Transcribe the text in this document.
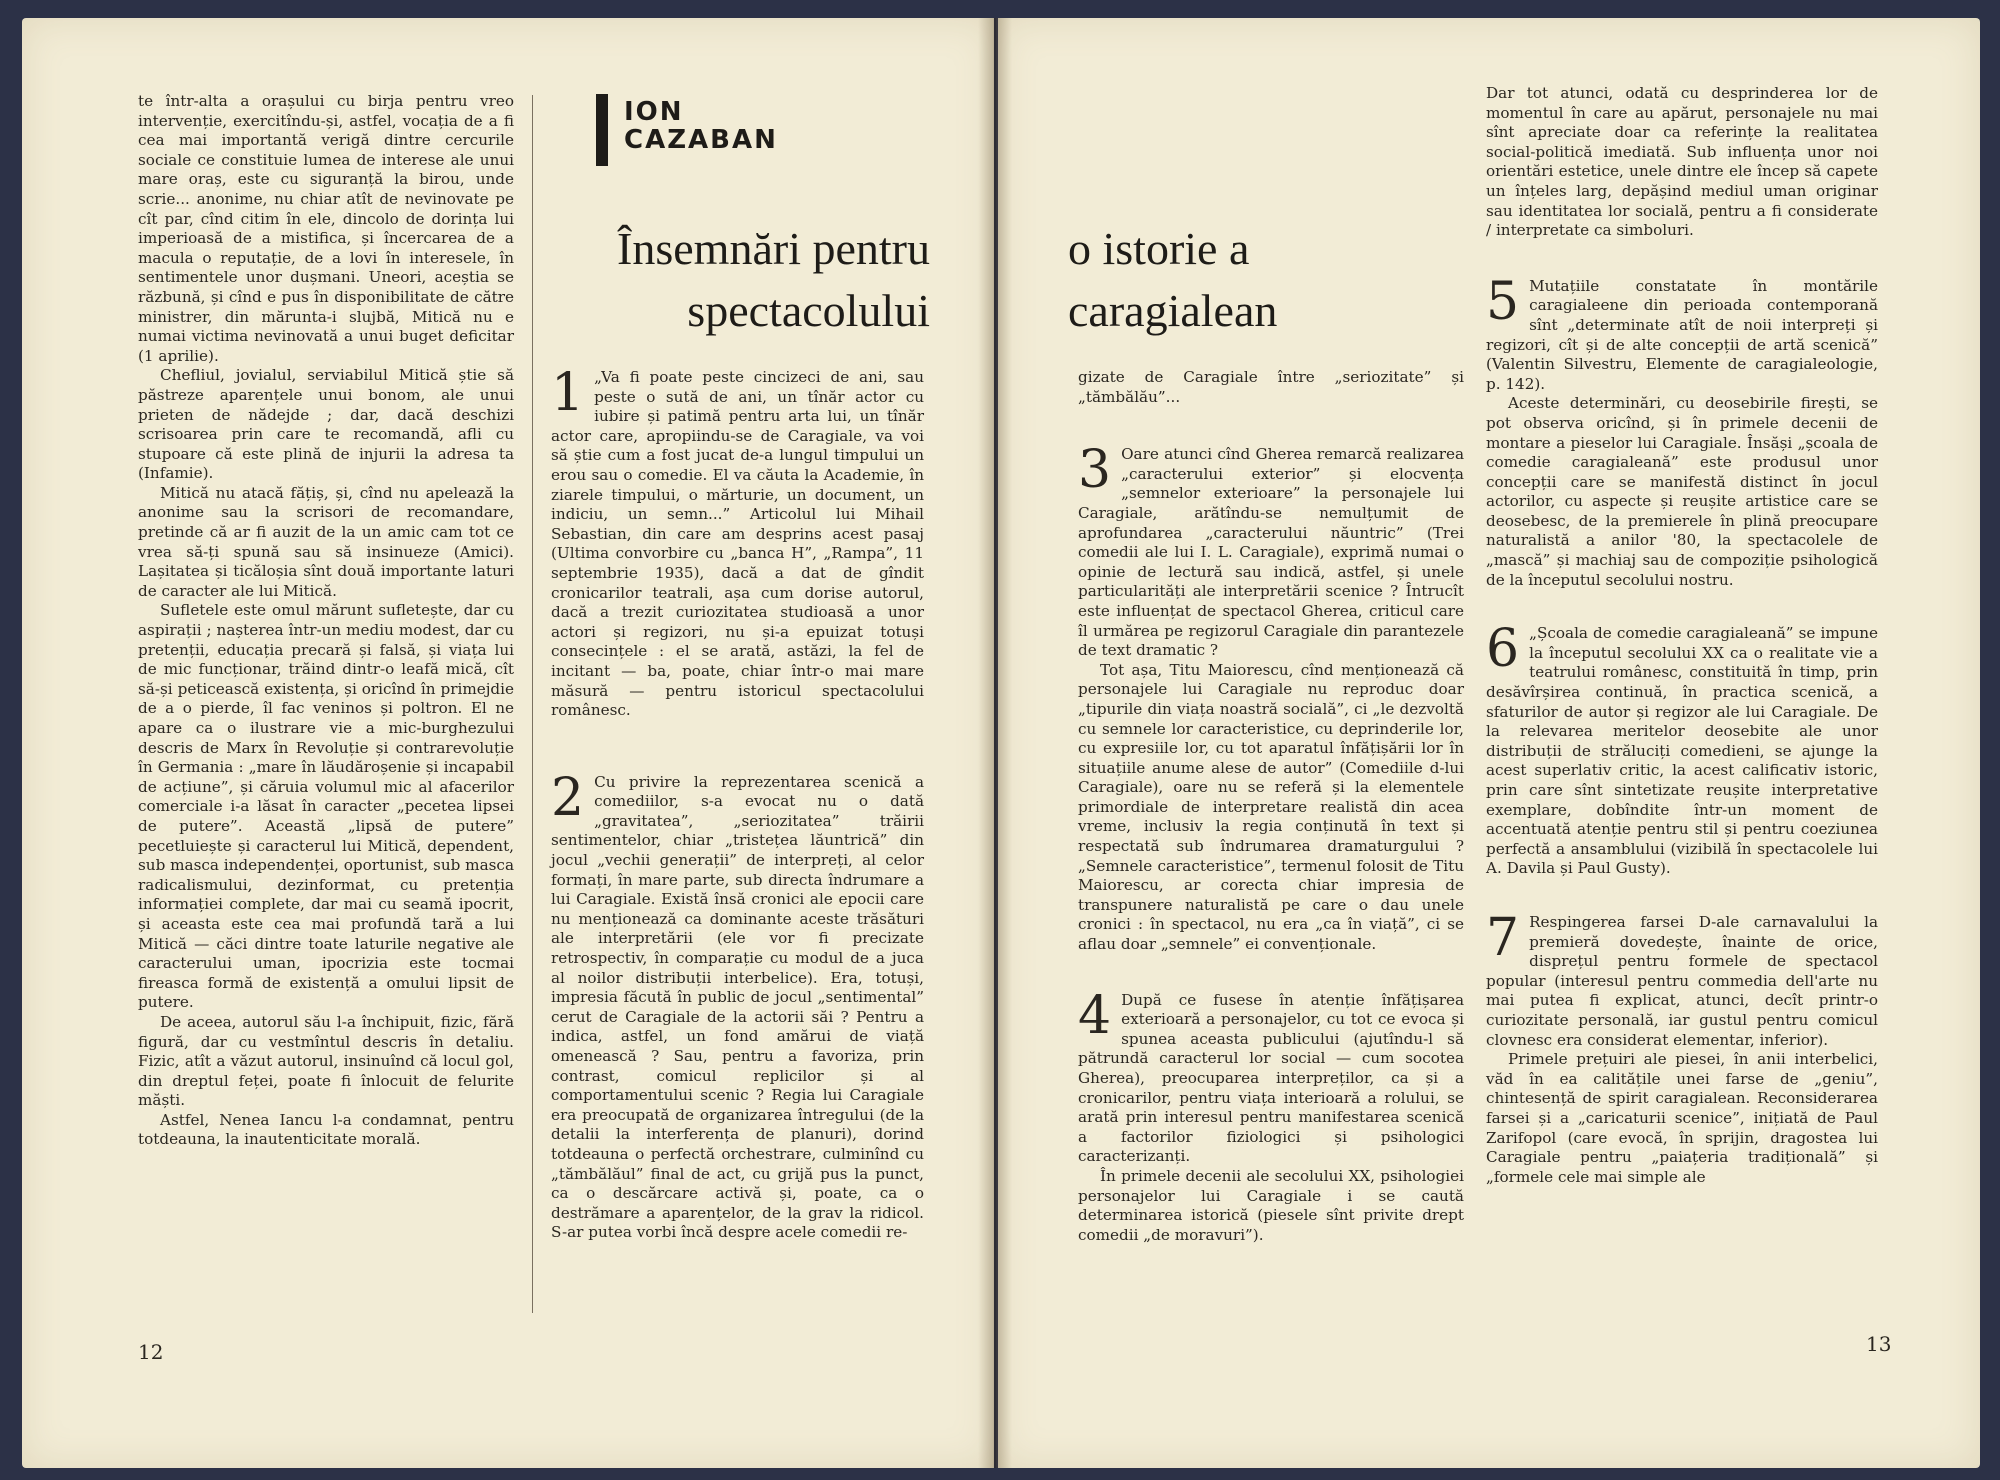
te într-alta a orașului cu birja pentru vreo intervenție, exercitîndu-și, astfel, vocația de a fi cea mai importantă verigă dintre cercurile sociale ce constituie lumea de interese ale unui mare oraș, este cu siguranță la birou, unde scrie... anonime, nu chiar atît de nevinovate pe cît par, cînd citim în ele, dincolo de dorința lui imperioasă de a mistifica, și încercarea de a macula o reputație, de a lovi în interesele, în sentimentele unor dușmani. Uneori, aceștia se răzbună, și cînd e pus în disponibilitate de către ministrer, din mărunta-i slujbă, Mitică nu e numai victima nevinovată a unui buget deficitar (1 aprilie).

Chefliul, jovialul, serviabilul Mitică știe să păstreze aparențele unui bonom, ale unui prieten de nădejde ; dar, dacă deschizi scrisoarea prin care te recomandă, afli cu stupoare că este plină de injurii la adresa ta (Infamie).

Mitică nu atacă fățiș, și, cînd nu apelează la anonime sau la scrisori de recomandare, pretinde că ar fi auzit de la un amic cam tot ce vrea să-ți spună sau să insinueze (Amici). Lașitatea și ticăloșia sînt două importante laturi de caracter ale lui Mitică.

Sufletele este omul mărunt sufletește, dar cu aspirații ; nașterea într-un mediu modest, dar cu pretenții, educația precară și falsă, și viața lui de mic funcționar, trăind dintr-o leafă mică, cît să-și peticească existența, și oricînd în primejdie de a o pierde, îl fac veninos și poltron. El ne apare ca o ilustrare vie a mic-burghezului descris de Marx în Revoluție și contrarevoluție în Germania : „mare în lăudăroșenie și incapabil de acțiune”, și căruia volumul mic al afacerilor comerciale i-a lăsat în caracter „pecetea lipsei de putere”. Această „lipsă de putere” pecetluiește și caracterul lui Mitică, dependent, sub masca independenței, oportunist, sub masca radicalismului, dezinformat, cu pretenția informației complete, dar mai cu seamă ipocrit, și aceasta este cea mai profundă tară a lui Mitică — căci dintre toate laturile negative ale caracterului uman, ipocrizia este tocmai fireasca formă de existență a omului lipsit de putere.

De aceea, autorul său l-a închipuit, fizic, fără figură, dar cu vestmîntul descris în detaliu. Fizic, atît a văzut autorul, insinuînd că locul gol, din dreptul feței, poate fi înlocuit de felurite măști.

Astfel, Nenea Iancu l-a condamnat, pentru totdeauna, la inautenticitate morală.

ION CAZABAN
Însemnări pentru spectacolului
1 „Va fi poate peste cincizeci de ani, sau peste o sută de ani, un tînăr actor cu iubire și patimă pentru arta lui, un tînăr actor care, apropiindu-se de Caragiale, va voi să știe cum a fost jucat de-a lungul timpului un erou sau o comedie. El va căuta la Academie, în ziarele timpului, o mărturie, un document, un indiciu, un semn...” Articolul lui Mihail Sebastian, din care am desprins acest pasaj (Ultima convorbire cu „banca H”, „Rampa”, 11 septembrie 1935), dacă a dat de gîndit cronicarilor teatrali, așa cum dorise autorul, dacă a trezit curiozitatea studioasă a unor actori și regizori, nu și-a epuizat totuși consecințele : el se arată, astăzi, la fel de incitant — ba, poate, chiar într-o mai mare măsură — pentru istoricul spectacolului românesc.

2 Cu privire la reprezentarea scenică a comediilor, s-a evocat nu o dată „gravitatea”, „seriozitatea” trăirii sentimentelor, chiar „tristețea lăuntrică” din jocul „vechii generații” de interpreți, al celor formați, în mare parte, sub directa îndrumare a lui Caragiale. Există însă cronici ale epocii care nu menționează ca dominante aceste trăsături ale interpretării (ele vor fi precizate retrospectiv, în comparație cu modul de a juca al noilor distribuții interbelice). Era, totuși, impresia făcută în public de jocul „sentimental” cerut de Caragiale de la actorii săi ? Pentru a indica, astfel, un fond amărui de viață omenească ? Sau, pentru a favoriza, prin contrast, comicul replicilor și al comportamentului scenic ? Regia lui Caragiale era preocupată de organizarea întregului (de la detalii la interferența de planuri), dorind totdeauna o perfectă orchestrare, culminînd cu „tămbălăul” final de act, cu grijă pus la punct, ca o descărcare activă și, poate, ca o destrămare a aparențelor, de la grav la ridicol. S-ar putea vorbi încă despre acele comedii re-

12
o istorie a caragialean

gizate de Caragiale între „seriozitate” și „tămbălău”...

3 Oare atunci cînd Gherea remarcă realizarea „caracterului exterior” și elocvența „semnelor exterioare” la personajele lui Caragiale, arătîndu-se nemulțumit de aprofundarea „caracterului năuntric” (Trei comedii ale lui I. L. Caragiale), exprimă numai o opinie de lectură sau indică, astfel, și unele particularități ale interpretării scenice ? Întrucît este influențat de spectacol Gherea, criticul care îl urmărea pe regizorul Caragiale din parantezele de text dramatic ?

Tot așa, Titu Maiorescu, cînd menționează că personajele lui Caragiale nu reproduc doar „tipurile din viața noastră socială”, ci „le dezvoltă cu semnele lor caracteristice, cu deprinderile lor, cu expresiile lor, cu tot aparatul înfățișării lor în situațiile anume alese de autor” (Comediile d-lui Caragiale), oare nu se referă și la elementele primordiale de interpretare realistă din acea vreme, inclusiv la regia conținută în text și respectată sub îndrumarea dramaturgului ? „Semnele caracteristice”, termenul folosit de Titu Maiorescu, ar corecta chiar impresia de transpunere naturalistă pe care o dau unele cronici : în spectacol, nu era „ca în viață”, ci se aflau doar „semnele” ei convenționale.

4 După ce fusese în atenție înfățișarea exterioară a personajelor, cu tot ce evoca și spunea aceasta publicului (ajutîndu-l să pătrundă caracterul lor social — cum socotea Gherea), preocuparea interpreților, ca și a cronicarilor, pentru viața interioară a rolului, se arată prin interesul pentru manifestarea scenică a factorilor fiziologici și psihologici caracterizanți.

În primele decenii ale secolului XX, psihologiei personajelor lui Caragiale i se caută determinarea istorică (piesele sînt privite drept comedii „de moravuri”).

Dar tot atunci, odată cu desprinderea lor de momentul în care au apărut, personajele nu mai sînt apreciate doar ca referințe la realitatea social-politică imediată. Sub influența unor noi orientări estetice, unele dintre ele încep să capete un înțeles larg, depășind mediul uman originar sau identitatea lor socială, pentru a fi considerate / interpretate ca simboluri.

5 Mutațiile constatate în montările caragialeene din perioada contemporană sînt „determinate atît de noii interpreți și regizori, cît și de alte concepții de artă scenică” (Valentin Silvestru, Elemente de caragialeologie, p. 142).

Aceste determinări, cu deosebirile firești, se pot observa oricînd, și în primele decenii de montare a pieselor lui Caragiale. Însăși „școala de comedie caragialeană” este produsul unor concepții care se manifestă distinct în jocul actorilor, cu aspecte și reușite artistice care se deosebesc, de la premierele în plină preocupare naturalistă a anilor '80, la spectacolele de „mască” și machiaj sau de compoziție psihologică de la începutul secolului nostru.

6 „Școala de comedie caragialeană” se impune la începutul secolului XX ca o realitate vie a teatrului românesc, constituită în timp, prin desăvîrșirea continuă, în practica scenică, a sfaturilor de autor și regizor ale lui Caragiale. De la relevarea meritelor deosebite ale unor distribuții de străluciți comedieni, se ajunge la acest superlativ critic, la acest calificativ istoric, prin care sînt sintetizate reușite interpretative exemplare, dobîndite într-un moment de accentuată atenție pentru stil și pentru coeziunea perfectă a ansamblului (vizibilă în spectacolele lui A. Davila și Paul Gusty).

7 Respingerea farsei D-ale carnavalului la premieră dovedește, înainte de orice, disprețul pentru formele de spectacol popular (interesul pentru commedia dell'arte nu mai putea fi explicat, atunci, decît printr-o curiozitate personală, iar gustul pentru comicul clovnesc era considerat elementar, inferior).

Primele prețuiri ale piesei, în anii interbelici, văd în ea calitățile unei farse de „geniu”, chintesență de spirit caragialean. Reconsiderarea farsei și a „caricaturii scenice”, inițiată de Paul Zarifopol (care evocă, în sprijin, dragostea lui Caragiale pentru „paiațeria tradițională” și „formele cele mai simple ale

13
